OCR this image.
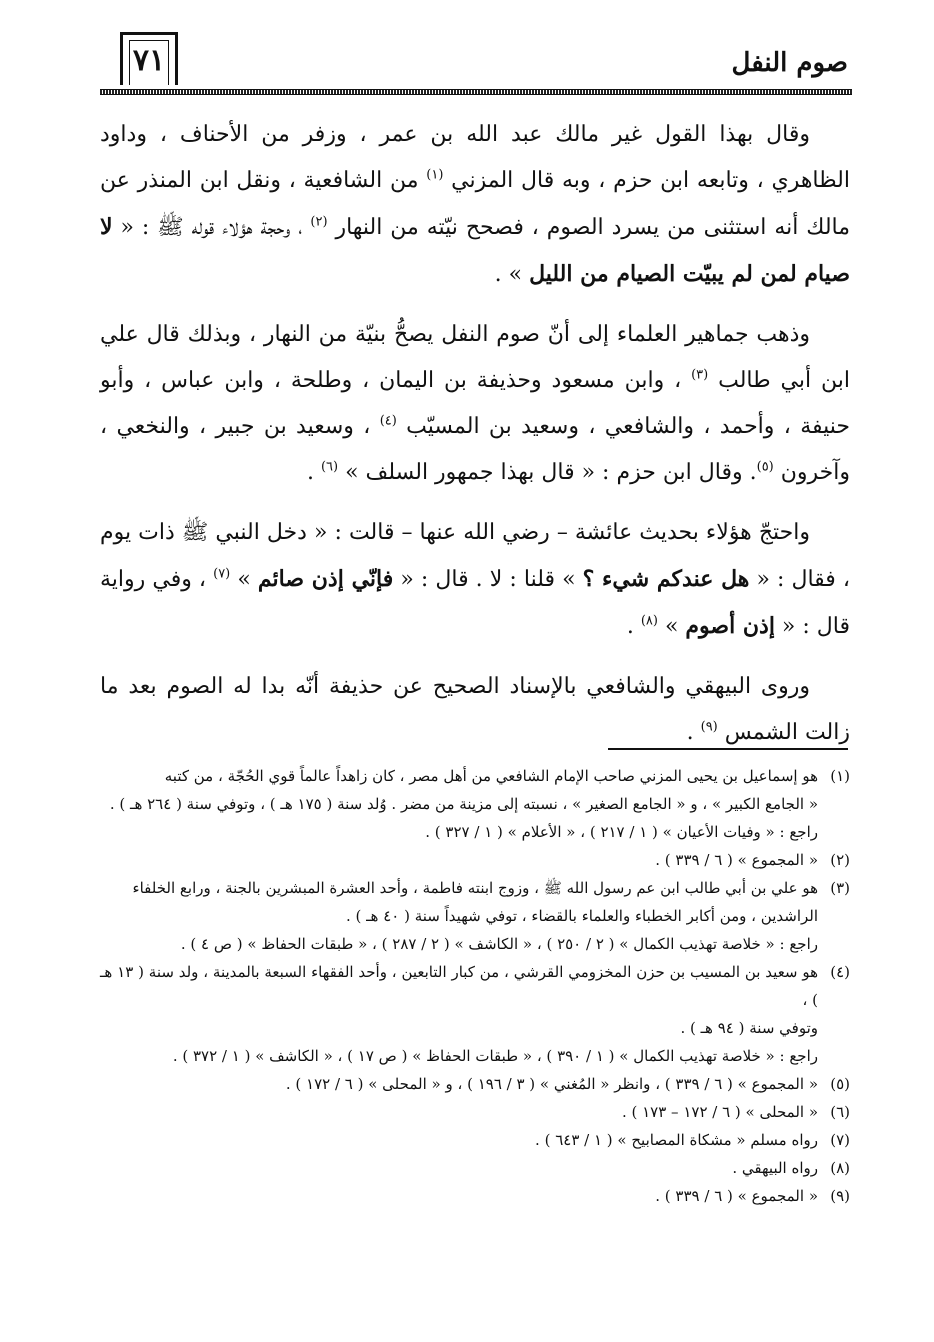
٧١	صوم النفل

وقال بهذا القول غير مالك عبد الله بن عمر ، وزفر من الأحناف ، وداود الظاهري ، وتابعه ابن حزم ، وبه قال المزني $^{(١)}$ من الشافعية ، ونقل ابن المنذر عن مالك أنه استثنى من يسرد الصوم ، فصحح نيّته من النهار $^{(٢)}$ ، وحجة هؤلاء قوله ﷺ : « لا صيام لمن لم يبيّت الصيام من الليل » .

وذهب جماهير العلماء إلى أنّ صوم النفل يصحُّ بنيّة من النهار ، وبذلك قال علي ابن أبي طالب $^{(٣)}$ ، وابن مسعود وحذيفة بن اليمان ، وطلحة ، وابن عباس ، وأبو حنيفة ، وأحمد ، والشافعي ، وسعيد بن المسيّب $^{(٤)}$ ، وسعيد بن جبير ، والنخعي ، وآخرون $^{(٥)}$. وقال ابن حزم : « قال بهذا جمهور السلف » $^{(٦)}$ .

واحتجّ هؤلاء بحديث عائشة – رضي الله عنها – قالت : « دخل النبي ﷺ ذات يوم ، فقال : « هل عندكم شيء ؟ » قلنا : لا . قال : « فإنّي إذن صائم » $^{(٧)}$ ، وفي رواية قال : « إذن أصوم » $^{(٨)}$ .

وروى البيهقي والشافعي بالإسناد الصحيح عن حذيفة أنّه بدا له الصوم بعد ما زالت الشمس $^{(٩)}$ .

(١)
هو إسماعيل بن يحيى المزني صاحب الإمام الشافعي من أهل مصر ، كان زاهداً عالماً قوي الحُجّة ، من كتبه
« الجامع الكبير » ، و « الجامع الصغير » ، نسبته إلى مزينة من مضر . وُلد سنة ( ١٧٥ هـ ) ، وتوفي سنة ( ٢٦٤ هـ ) .
راجع : « وفيات الأعيان » ( ١ / ٢١٧ ) ، « الأعلام » ( ١ / ٣٢٧ ) .
(٢)
« المجموع » ( ٦ / ٣٣٩ ) .
(٣)
هو علي بن أبي طالب ابن عم رسول الله ﷺ ، وزوج ابنته فاطمة ، وأحد العشرة المبشرين بالجنة ، ورابع الخلفاء
الراشدين ، ومن أكابر الخطباء والعلماء بالقضاء ، توفي شهيداً سنة ( ٤٠ هـ ) .
راجع : « خلاصة تهذيب الكمال » ( ٢ / ٢٥٠ ) ، « الكاشف » ( ٢ / ٢٨٧ ) ، « طبقات الحفاظ » ( ص ٤ ) .
(٤)
هو سعيد بن المسيب بن حزن المخزومي القرشي ، من كبار التابعين ، وأحد الفقهاء السبعة بالمدينة ، ولد سنة ( ١٣ هـ ) ،
وتوفي سنة ( ٩٤ هـ ) .
راجع : « خلاصة تهذيب الكمال » ( ١ / ٣٩٠ ) ، « طبقات الحفاظ » ( ص ١٧ ) ، « الكاشف » ( ١ / ٣٧٢ ) .
(٥)
« المجموع » ( ٦ / ٣٣٩ ) ، وانظر « المُغني » ( ٣ / ١٩٦ ) ، و « المحلى » ( ٦ / ١٧٢ ) .
(٦)
« المحلى » ( ٦ / ١٧٢ – ١٧٣ ) .
(٧)
رواه مسلم « مشكاة المصابيح » ( ١ / ٦٤٣ ) .
(٨)
رواه البيهقي .
(٩)
« المجموع » ( ٦ / ٣٣٩ ) .
